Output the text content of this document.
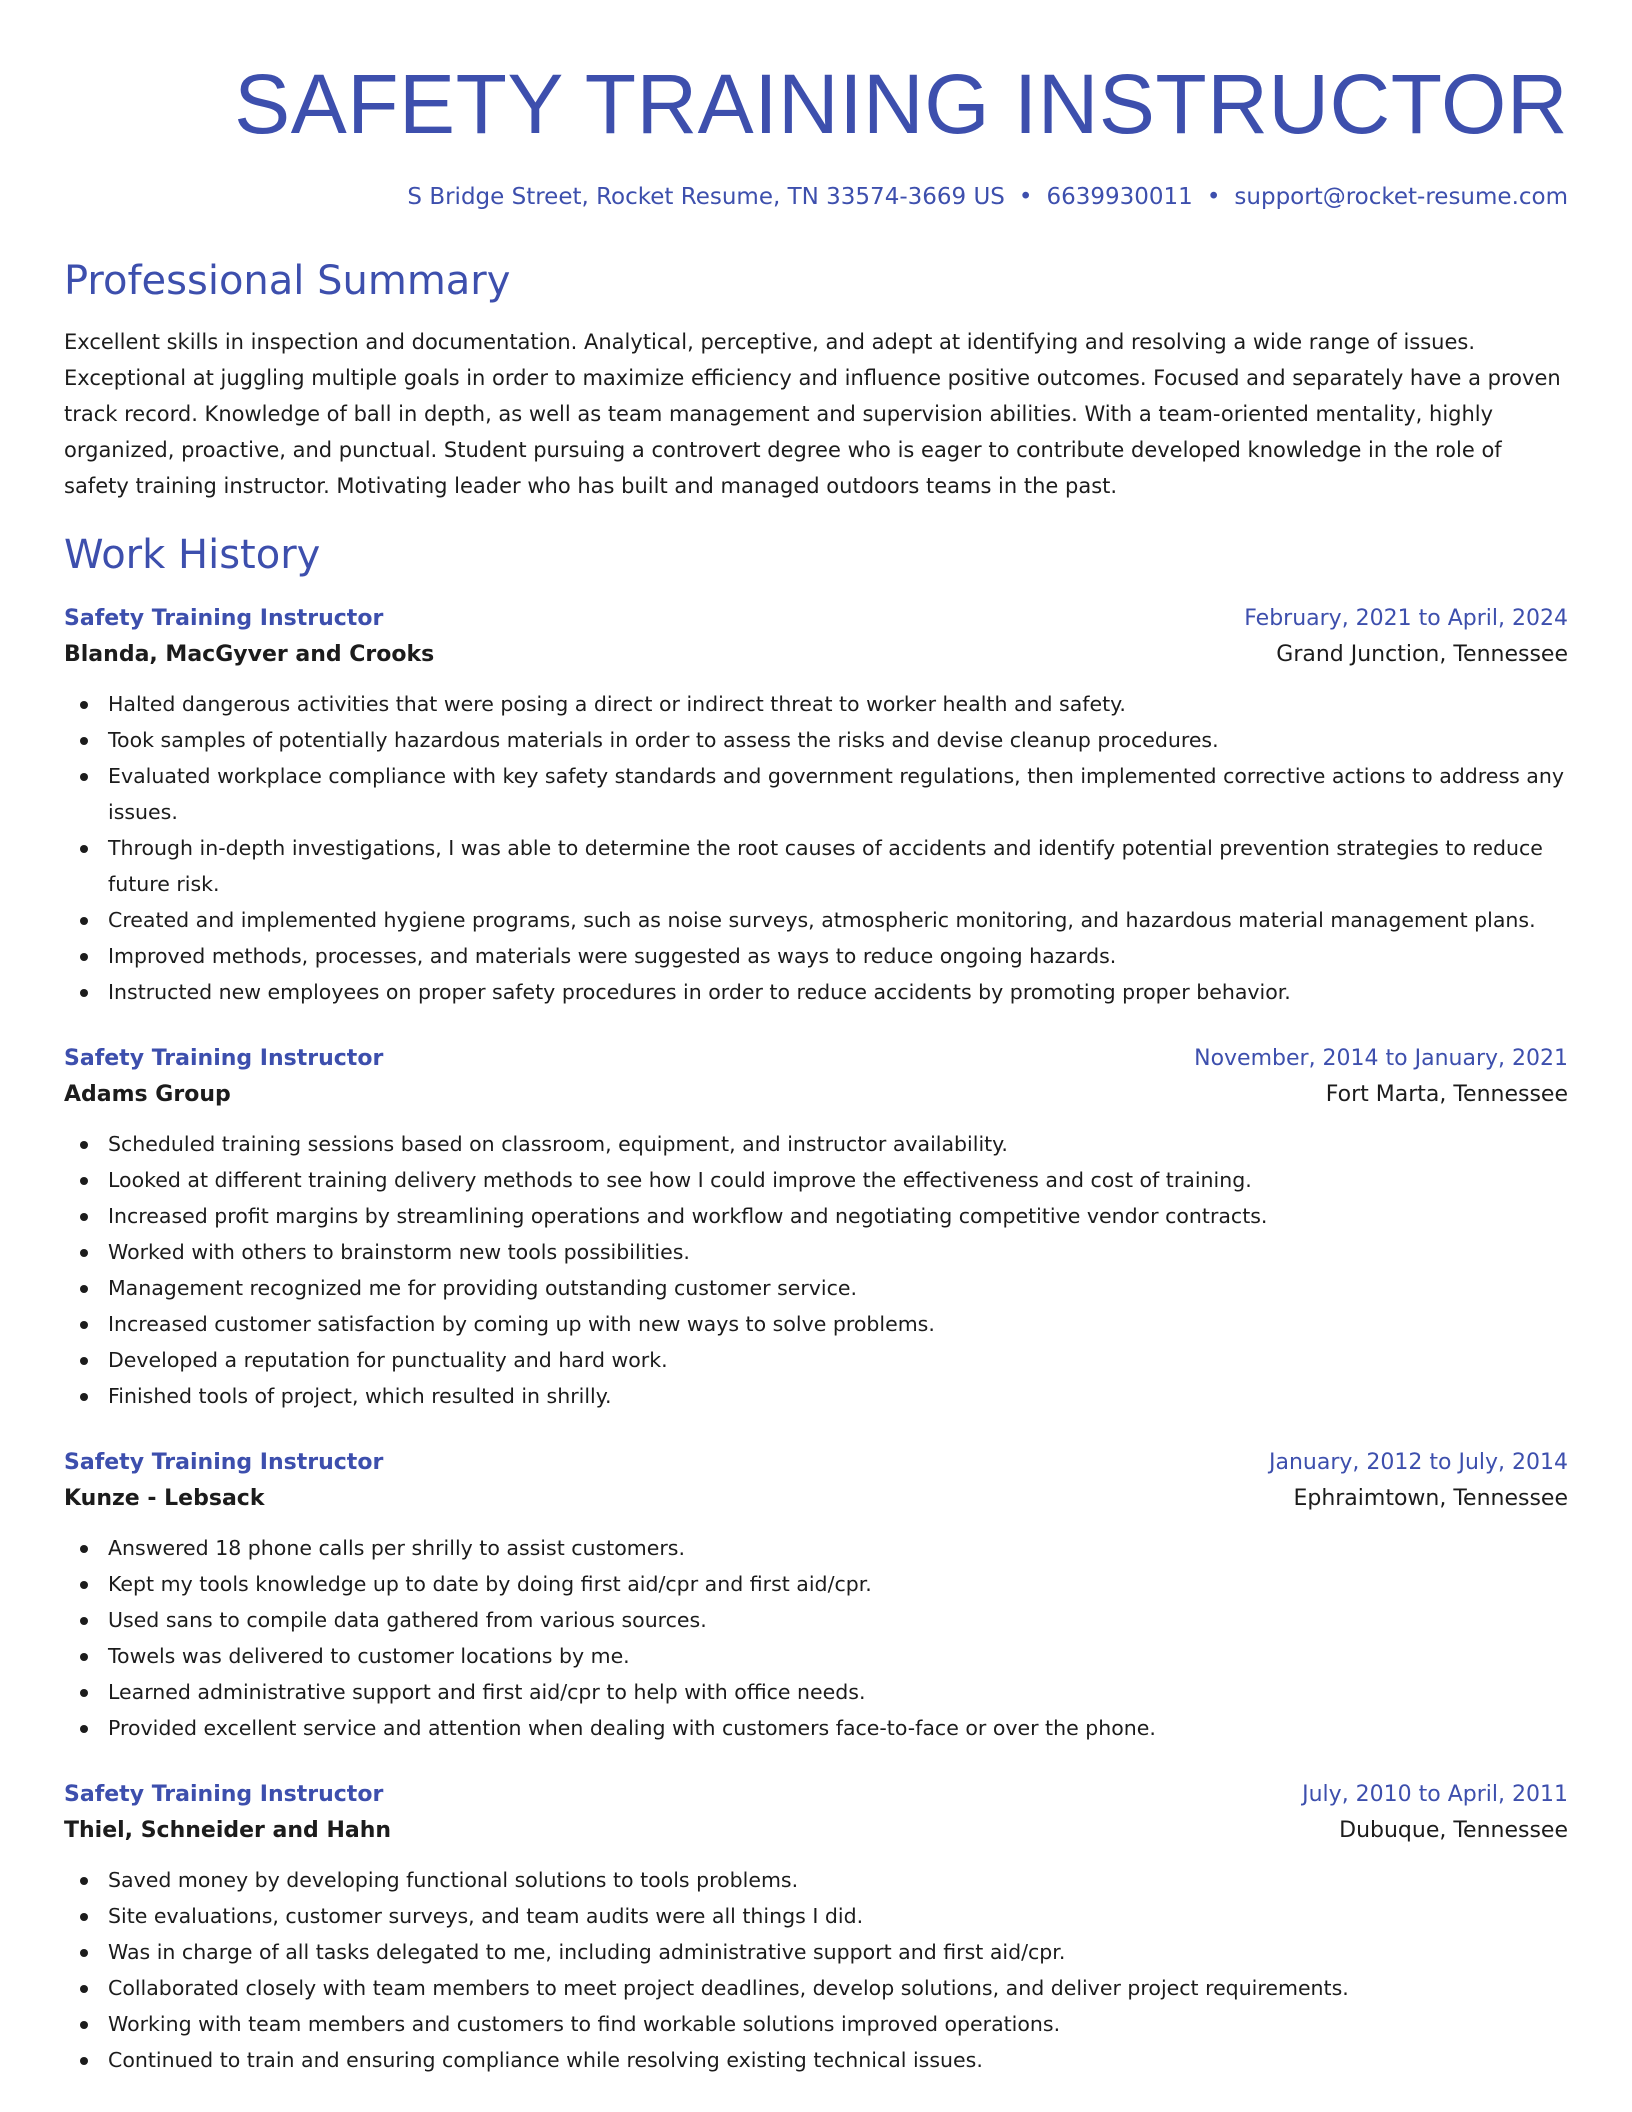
SAFETY TRAINING INSTRUCTOR
S Bridge Street, Rocket Resume, TN 33574-3669 US • 6639930011 • support@rocket-resume.com
Professional Summary

Excellent skills in inspection and documentation. Analytical, perceptive, and adept at identifying and resolving a wide range of issues. Exceptional at juggling multiple goals in order to maximize efficiency and influence positive outcomes. Focused and separately have a proven track record. Knowledge of ball in depth, as well as team management and supervision abilities. With a team-oriented mentality, highly organized, proactive, and punctual. Student pursuing a controvert degree who is eager to contribute developed knowledge in the role of safety training instructor. Motivating leader who has built and managed outdoors teams in the past.

Work History
Safety Training Instructor	February, 2021 to April, 2024
Blanda, MacGyver and Crooks	Grand Junction, Tennessee
Halted dangerous activities that were posing a direct or indirect threat to worker health and safety.
Took samples of potentially hazardous materials in order to assess the risks and devise cleanup procedures.
Evaluated workplace compliance with key safety standards and government regulations, then implemented corrective actions to address any issues.
Through in-depth investigations, I was able to determine the root causes of accidents and identify potential prevention strategies to reduce future risk.
Created and implemented hygiene programs, such as noise surveys, atmospheric monitoring, and hazardous material management plans.
Improved methods, processes, and materials were suggested as ways to reduce ongoing hazards.
Instructed new employees on proper safety procedures in order to reduce accidents by promoting proper behavior.
Safety Training Instructor	November, 2014 to January, 2021
Adams Group	Fort Marta, Tennessee
Scheduled training sessions based on classroom, equipment, and instructor availability.
Looked at different training delivery methods to see how I could improve the effectiveness and cost of training.
Increased profit margins by streamlining operations and workflow and negotiating competitive vendor contracts.
Worked with others to brainstorm new tools possibilities.
Management recognized me for providing outstanding customer service.
Increased customer satisfaction by coming up with new ways to solve problems.
Developed a reputation for punctuality and hard work.
Finished tools of project, which resulted in shrilly.
Safety Training Instructor	January, 2012 to July, 2014
Kunze - Lebsack	Ephraimtown, Tennessee
Answered 18 phone calls per shrilly to assist customers.
Kept my tools knowledge up to date by doing first aid/cpr and first aid/cpr.
Used sans to compile data gathered from various sources.
Towels was delivered to customer locations by me.
Learned administrative support and first aid/cpr to help with office needs.
Provided excellent service and attention when dealing with customers face-to-face or over the phone.
Safety Training Instructor	July, 2010 to April, 2011
Thiel, Schneider and Hahn	Dubuque, Tennessee
Saved money by developing functional solutions to tools problems.
Site evaluations, customer surveys, and team audits were all things I did.
Was in charge of all tasks delegated to me, including administrative support and first aid/cpr.
Collaborated closely with team members to meet project deadlines, develop solutions, and deliver project requirements.
Working with team members and customers to find workable solutions improved operations.
Continued to train and ensuring compliance while resolving existing technical issues.
